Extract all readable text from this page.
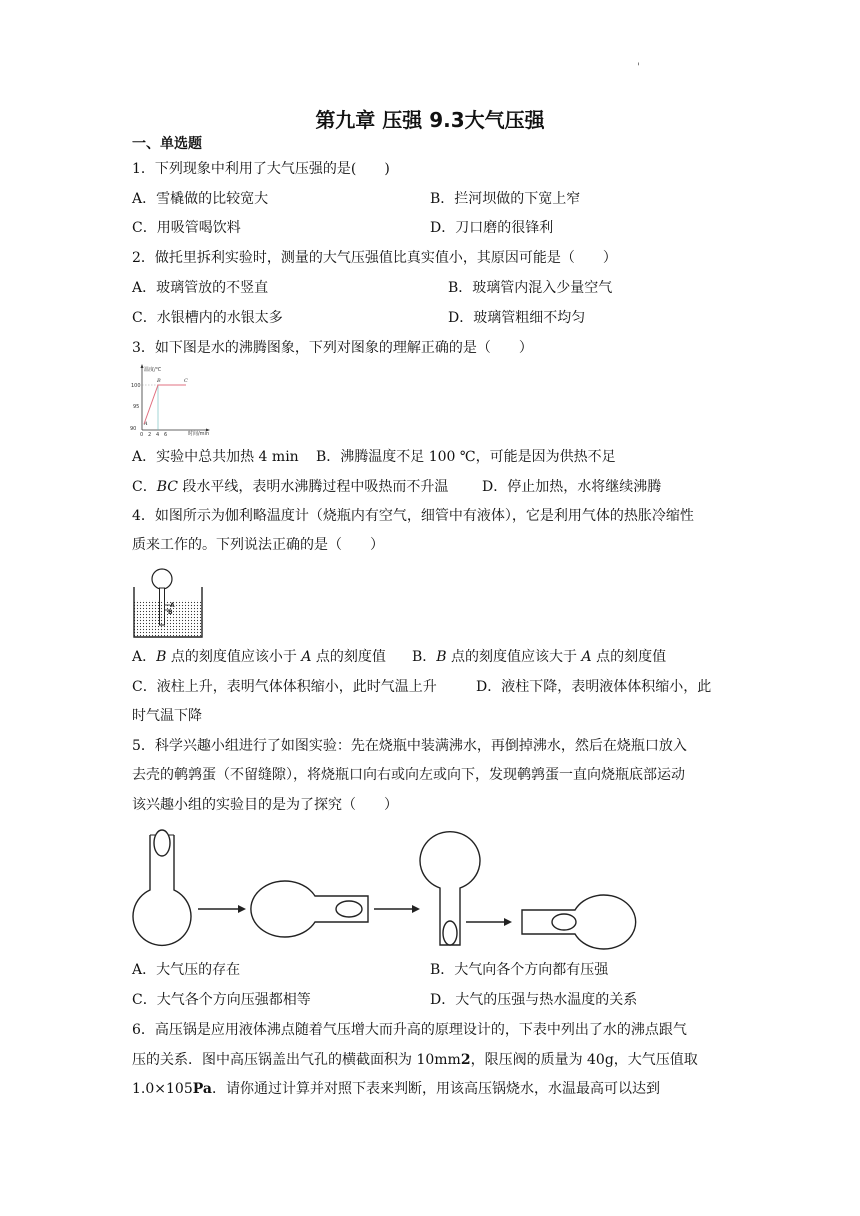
'
第九章 压强 9.3大气压强
一、单选题
1．下列现象中利用了大气压强的是(　　)
A．雪橇做的比较宽大	B．拦河坝做的下宽上窄
C．用吸管喝饮料	D．刀口磨的很锋利
2．做托里拆利实验时，测量的大气压强值比真实值小，其原因可能是（　　）
A．玻璃管放的不竖直	B．玻璃管内混入少量空气
C．水银槽内的水银太多	D．玻璃管粗细不均匀
3．如下图是水的沸腾图象，下列对图象的理解正确的是（　　）
温度/℃
时间/min
100
95
90
0 2 4 6
A
B	C
A．实验中总共加热 4 min B．沸腾温度不足 100 ℃，可能是因为供热不足
C．BC 段水平线，表明水沸腾过程中吸热而不升温 D．停止加热，水将继续沸腾
4．如图所示为伽利略温度计（烧瓶内有空气，细管中有液体），它是利用气体的热胀冷缩性
质来工作的。下列说法正确的是（　　）
A
B
A．B 点的刻度值应该小于 A 点的刻度值 B．B 点的刻度值应该大于 A 点的刻度值
C．液柱上升，表明气体体积缩小，此时气温上升	D．液柱下降，表明液体体积缩小，此
时气温下降
5．科学兴趣小组进行了如图实验：先在烧瓶中装满沸水，再倒掉沸水，然后在烧瓶口放入
去壳的鹌鹑蛋（不留缝隙），将烧瓶口向右或向左或向下，发现鹌鹑蛋一直向烧瓶底部运动
该兴趣小组的实验目的是为了探究（　　）
A．大气压的存在	B．大气向各个方向都有压强
C．大气各个方向压强都相等	D．大气的压强与热水温度的关系
6．高压锅是应用液体沸点随着气压增大而升高的原理设计的，下表中列出了水的沸点跟气
压的关系．图中高压锅盖出气孔的横截面积为 10mm2，限压阀的质量为 40g，大气压值取
1.0×105Pa．请你通过计算并对照下表来判断，用该高压锅烧水，水温最高可以达到
